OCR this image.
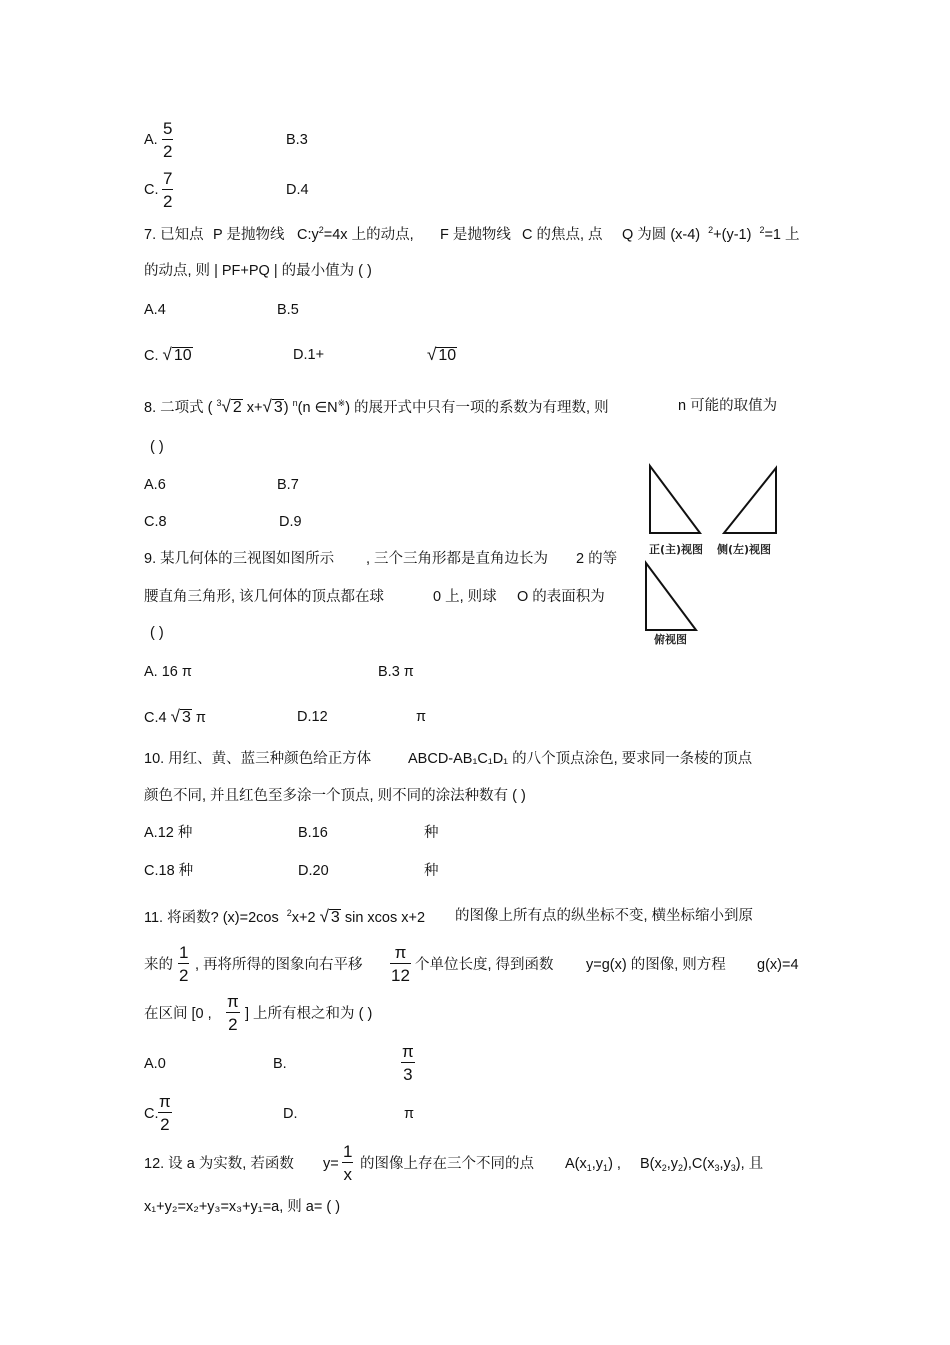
A.
5
2
B.3
C.
7
2
D.4
7. 已知点 P 是抛物线 $C:y^2=4x$ 上的动点, F 是抛物线 C 的焦点, 点 Q 为圆 (x-4) $^2$+(y-1) $^2$=1 上
的动点, 则 | PF+PQ | 的最小值为 ( )
A.4	B.5
C. √ 10	D.1+	√ 10
8. 二项式 ( $^3$√ 2 x+√ 3) $^n$(n ∈N※) 的展开式中只有一项的系数为有理数, 则	n 可能的取值为
( )
A.6	B.7
C.8	D.9
正(主)视图 侧(左)视图
俯视图
9. 某几何体的三视图如图所示 , 三个三角形都是直角边长为 2 的等
腰直角三角形, 该几何体的顶点都在球	0 上, 则球 O 的表面积为
( )
A. 16 π	B.3 π
C.4 √ 3 π	D.12	π
10. 用红、黄、蓝三种颜色给正方体	ABCD-AB₁C₁D₁ 的八个顶点涂色, 要求同一条棱的顶点
颜色不同, 并且红色至多涂一个顶点, 则不同的涂法种数有 ( )
A.12 种	B.16	种
C.18 种	D.20	种
11. 将函数? (x)=2cos $^2$x+2 √ 3 sin xcos x+2 的图像上所有点的纵坐标不变, 横坐标缩小到原
来的
1
2
, 再将所得的图象向右平移
π
12
个单位长度, 得到函数 y=g(x) 的图像, 则方程 g(x)=4
在区间 [0 ,
π
2
] 上所有根之和为 ( )
A.0	B.
π
3
C.
π
2
D.	π
12. 设 a 为实数, 若函数 y=
1
x
的图像上存在三个不同的点 $A(x_1,y_1)$ , $B(x_2,y_2),C(x_3,y_3)$, 且
x₁+y₂=x₂+y₃=x₃+y₁=a, 则 a= ( )
